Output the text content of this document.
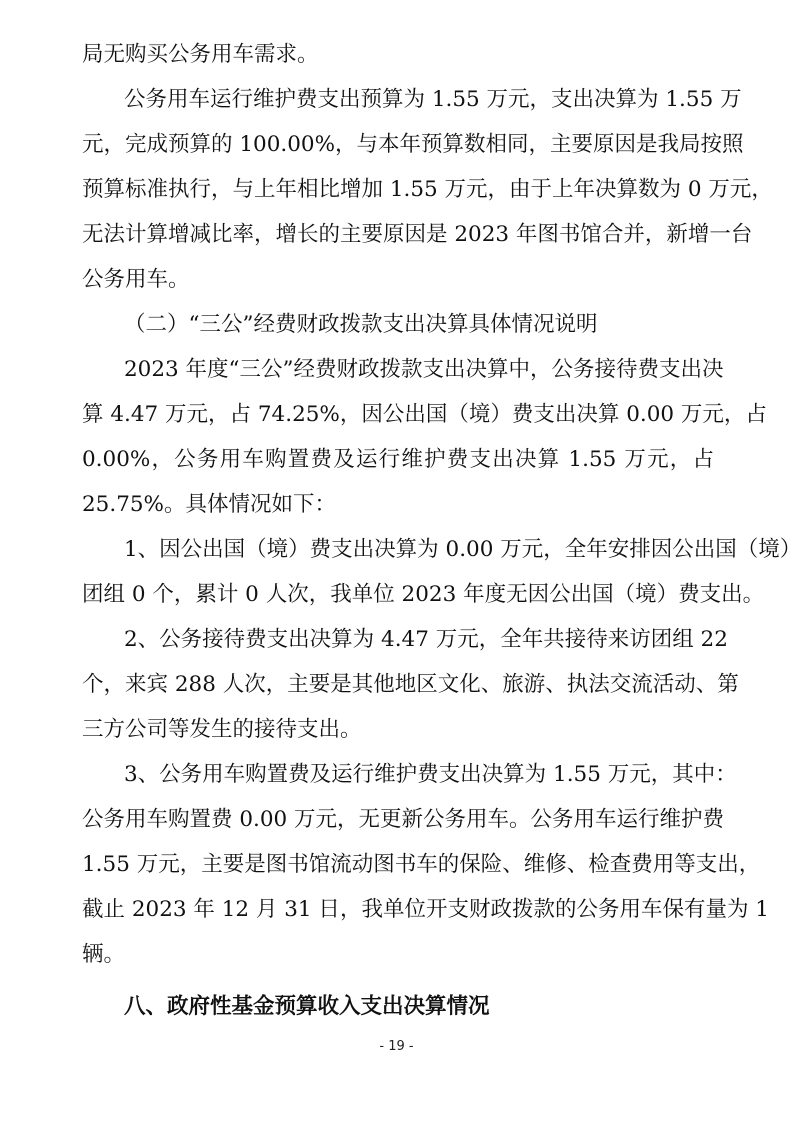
局无购买公务用车需求。
公务用车运行维护费支出预算为 1.55 万元，支出决算为 1.55 万
元，完成预算的 100.00%，与本年预算数相同，主要原因是我局按照
预算标准执行，与上年相比增加 1.55 万元，由于上年决算数为 0 万元，
无法计算增减比率，增长的主要原因是 2023 年图书馆合并，新增一台
公务用车。
（二）“三公”经费财政拨款支出决算具体情况说明
2023 年度“三公”经费财政拨款支出决算中，公务接待费支出决
算 4.47 万元，占 74.25%，因公出国（境）费支出决算 0.00 万元，占
0.00%，公务用车购置费及运行维护费支出决算 1.55 万元，占
25.75%。具体情况如下：
1、因公出国（境）费支出决算为 0.00 万元，全年安排因公出国（境）
团组 0 个，累计 0 人次，我单位 2023 年度无因公出国（境）费支出。
2、公务接待费支出决算为 4.47 万元，全年共接待来访团组 22
个，来宾 288 人次，主要是其他地区文化、旅游、执法交流活动、第
三方公司等发生的接待支出。
3、公务用车购置费及运行维护费支出决算为 1.55 万元，其中：
公务用车购置费 0.00 万元，无更新公务用车。公务用车运行维护费
1.55 万元，主要是图书馆流动图书车的保险、维修、检查费用等支出，
截止 2023 年 12 月 31 日，我单位开支财政拨款的公务用车保有量为 1
辆。
八、政府性基金预算收入支出决算情况
- 19 -
